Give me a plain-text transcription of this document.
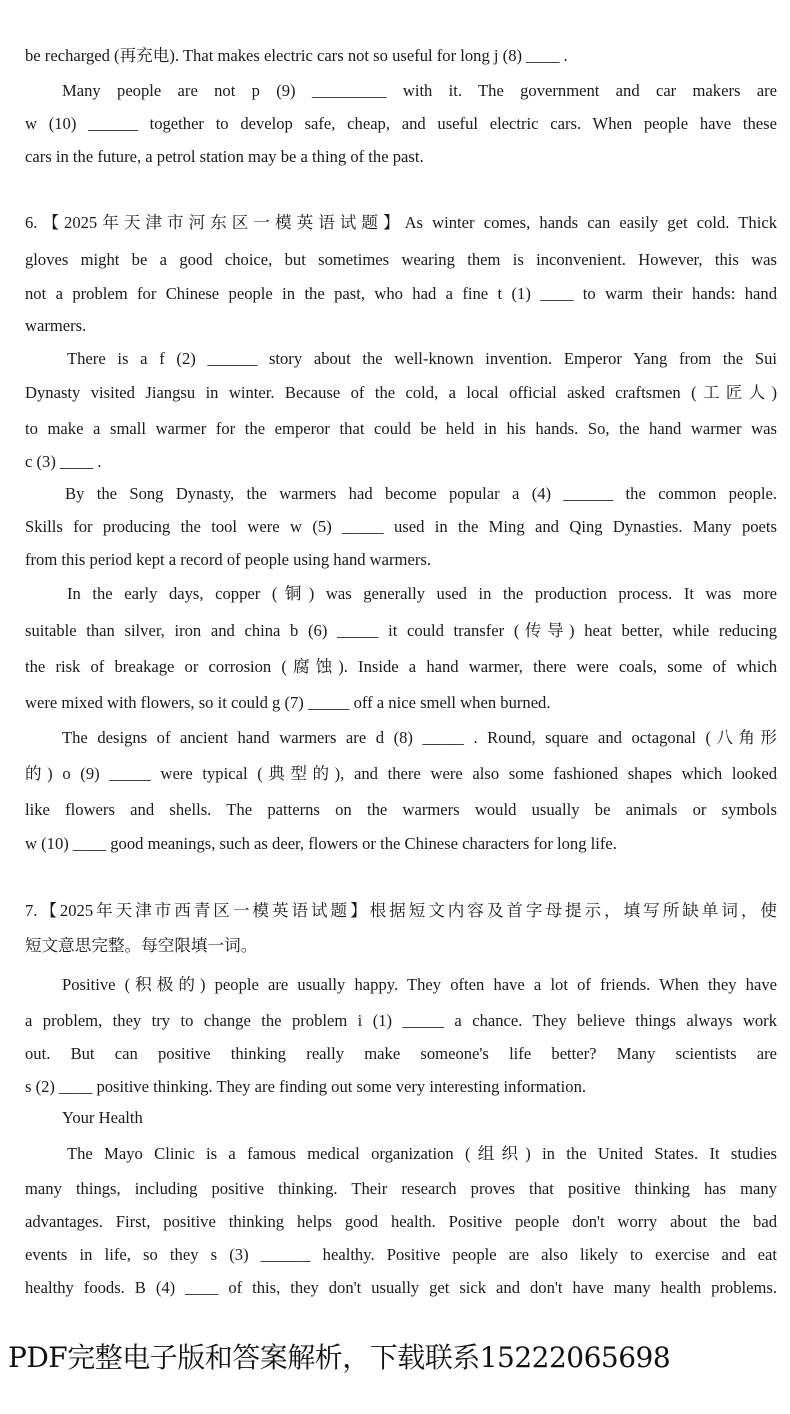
be recharged (再充电). That makes electric cars not so useful for long j (8) ____ .
Many people are not p (9) _________ with it. The government and car makers are
w (10) ______ together to develop safe, cheap, and useful electric cars. When people have these
cars in the future, a petrol station may be a thing of the past.
6.【2025年天津市河东区一模英语试题】As winter comes, hands can easily get cold. Thick
gloves might be a good choice, but sometimes wearing them is inconvenient. However, this was
not a problem for Chinese people in the past, who had a fine t (1) ____ to warm their hands: hand
warmers.
There is a f (2) ______ story about the well-known invention. Emperor Yang from the Sui
Dynasty visited Jiangsu in winter. Because of the cold, a local official asked craftsmen (工匠人)
to make a small warmer for the emperor that could be held in his hands. So, the hand warmer was
c (3) ____ .
By the Song Dynasty, the warmers had become popular a (4) ______ the common people.
Skills for producing the tool were w (5) _____ used in the Ming and Qing Dynasties. Many poets
from this period kept a record of people using hand warmers.
In the early days, copper (铜) was generally used in the production process. It was more
suitable than silver, iron and china b (6) _____ it could transfer (传导) heat better, while reducing
the risk of breakage or corrosion (腐蚀). Inside a hand warmer, there were coals, some of which
were mixed with flowers, so it could g (7) _____ off a nice smell when burned.
The designs of ancient hand warmers are d (8) _____ . Round, square and octagonal (八角形
的) o (9) _____ were typical (典型的), and there were also some fashioned shapes which looked
like flowers and shells. The patterns on the warmers would usually be animals or symbols
w (10) ____ good meanings, such as deer, flowers or the Chinese characters for long life.
7.【2025年天津市西青区一模英语试题】根据短文内容及首字母提示，填写所缺单词，使
短文意思完整。每空限填一词。
Positive (积极的) people are usually happy. They often have a lot of friends. When they have
a problem, they try to change the problem i (1) _____ a chance. They believe things always work
out. But can positive thinking really make someone's life better? Many scientists are
s (2) ____ positive thinking. They are finding out some very interesting information.
Your Health
The Mayo Clinic is a famous medical organization (组织) in the United States. It studies
many things, including positive thinking. Their research proves that positive thinking has many
advantages. First, positive thinking helps good health. Positive people don't worry about the bad
events in life, so they s (3) ______ healthy. Positive people are also likely to exercise and eat
healthy foods. B (4) ____ of this, they don't usually get sick and don't have many health problems.
PDF完整电子版和答案解析，下载联系15222065698
